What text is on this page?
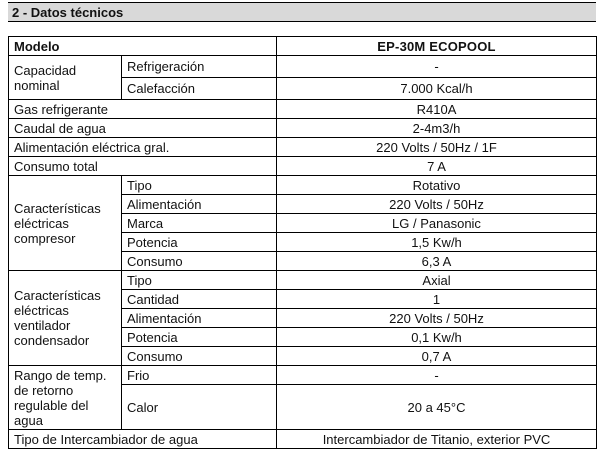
2 - Datos técnicos
Modelo		EP-30M ECOPOOL
Capacidad nominal	Refrigeración	-
	Calefacción	7.000 Kcal/h
Gas refrigerante		R410A
Caudal de agua		2-4m3/h
Alimentación eléctrica gral.		220 Volts / 50Hz / 1F
Consumo total		7 A
Características eléctricas compresor	Tipo	Rotativo
	Alimentación	220 Volts / 50Hz
	Marca	LG / Panasonic
	Potencia	1,5 Kw/h
	Consumo	6,3 A
Características eléctricas ventilador condensador	Tipo	Axial
	Cantidad	1
	Alimentación	220 Volts / 50Hz
	Potencia	0,1 Kw/h
	Consumo	0,7 A
Rango de temp. de retorno regulable del agua	Frio	-
	Calor	20 a 45°C
Tipo de Intercambiador de agua		Intercambiador de Titanio, exterior PVC
